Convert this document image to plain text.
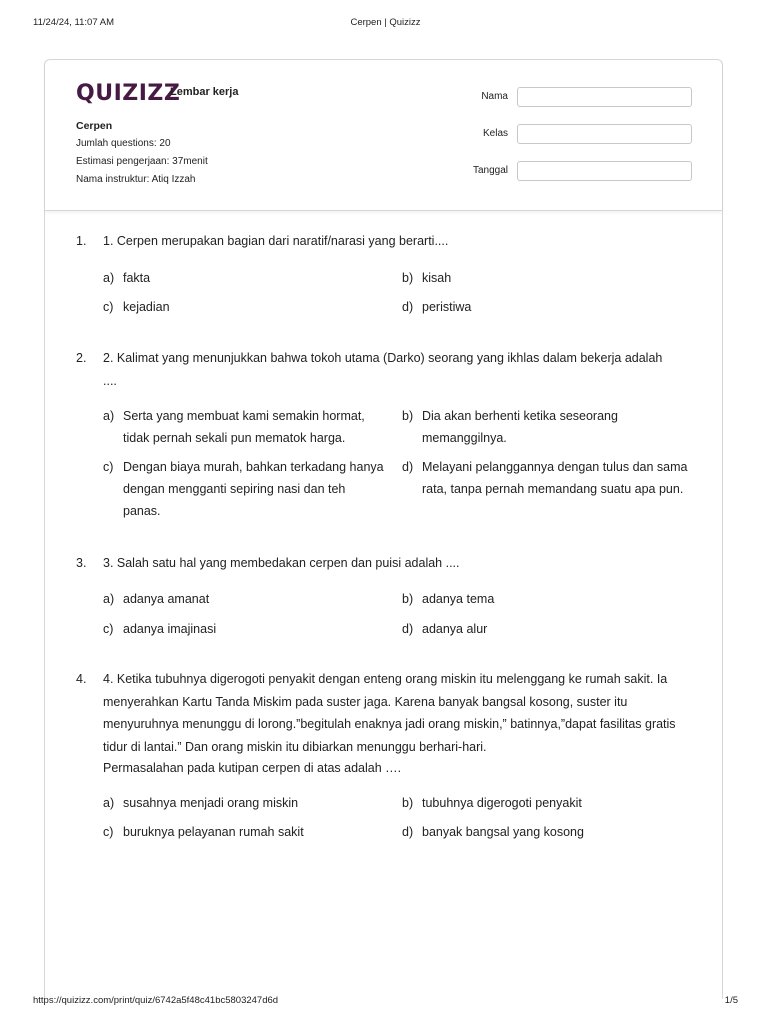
11/24/24, 11:07 AM	Cerpen | Quizizz
QUIZIZZ
Lembar kerja
Cerpen
Jumlah questions: 20
Estimasi pengerjaan: 37menit
Nama instruktur: Atiq Izzah
Nama
Kelas
Tanggal
1. 1. Cerpen merupakan bagian dari naratif/narasi yang berarti....
a) fakta	b) kisah
c) kejadian	d) peristiwa
2. 2. Kalimat yang menunjukkan bahwa tokoh utama (Darko) seorang yang ikhlas dalam bekerja adalah ....
a) Serta yang membuat kami semakin hormat, tidak pernah sekali pun mematok harga.
b) Dia akan berhenti ketika seseorang memanggilnya.
c) Dengan biaya murah, bahkan terkadang hanya dengan mengganti sepiring nasi dan teh panas.
d) Melayani pelanggannya dengan tulus dan sama rata, tanpa pernah memandang suatu apa pun.
3. 3. Salah satu hal yang membedakan cerpen dan puisi adalah ....
a) adanya amanat	b) adanya tema
c) adanya imajinasi	d) adanya alur
4. 4. Ketika tubuhnya digerogoti penyakit dengan enteng orang miskin itu melenggang ke rumah sakit. Ia menyerahkan Kartu Tanda Miskim pada suster jaga. Karena banyak bangsal kosong, suster itu menyuruhnya menunggu di lorong.”begitulah enaknya jadi orang miskin,” batinnya,”dapat fasilitas gratis tidur di lantai.” Dan orang miskin itu dibiarkan menunggu berhari-hari.
Permasalahan pada kutipan cerpen di atas adalah ….
a) susahnya menjadi orang miskin	b) tubuhnya digerogoti penyakit
c) buruknya pelayanan rumah sakit	d) banyak bangsal yang kosong
https://quizizz.com/print/quiz/6742a5f48c41bc5803247d6d	1/5
